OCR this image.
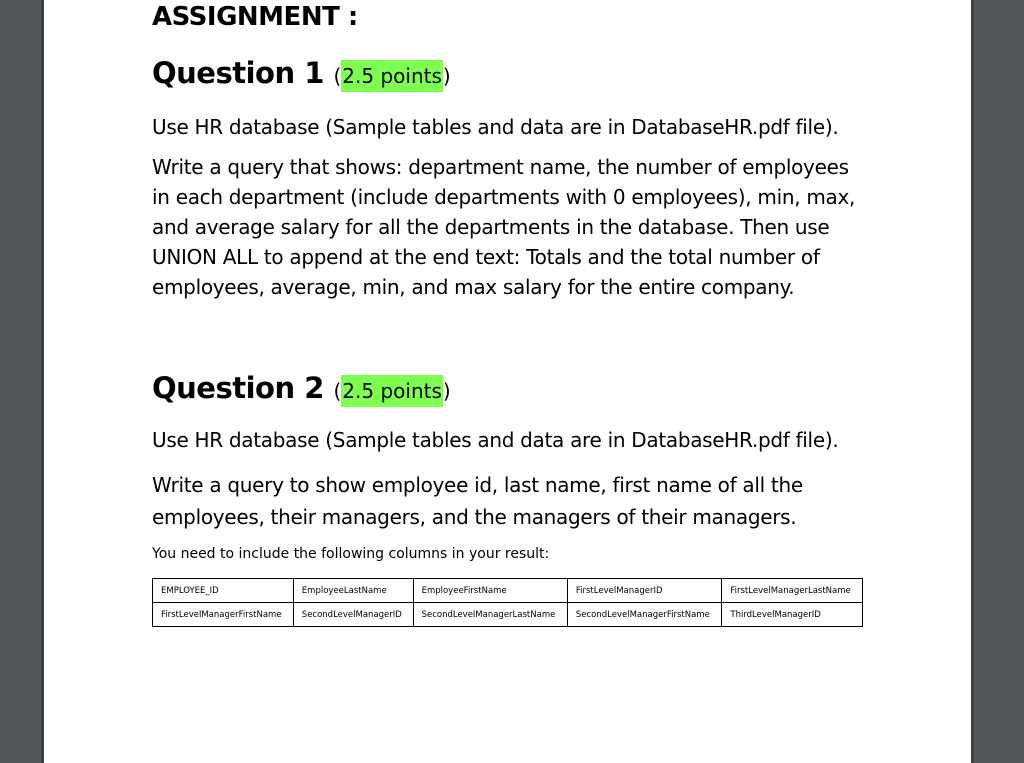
ASSIGNMENT :
Question 1 (2.5 points)
Use HR database (Sample tables and data are in DatabaseHR.pdf file).
Write a query that shows: department name, the number of employees in each department (include departments with 0 employees), min, max, and average salary for all the departments in the database. Then use UNION ALL to append at the end text: Totals and the total number of employees, average, min, and max salary for the entire company.
Question 2 (2.5 points)
Use HR database (Sample tables and data are in DatabaseHR.pdf file).
Write a query to show employee id, last name, first name of all the employees, their managers, and the managers of their managers.
You need to include the following columns in your result:
EMPLOYEE_ID	EmployeeLastName	EmployeeFirstName	FirstLevelManagerID	FirstLevelManagerLastName
FirstLevelManagerFirstName	SecondLevelManagerID	SecondLevelManagerLastName	SecondLevelManagerFirstName	ThirdLevelManagerID
